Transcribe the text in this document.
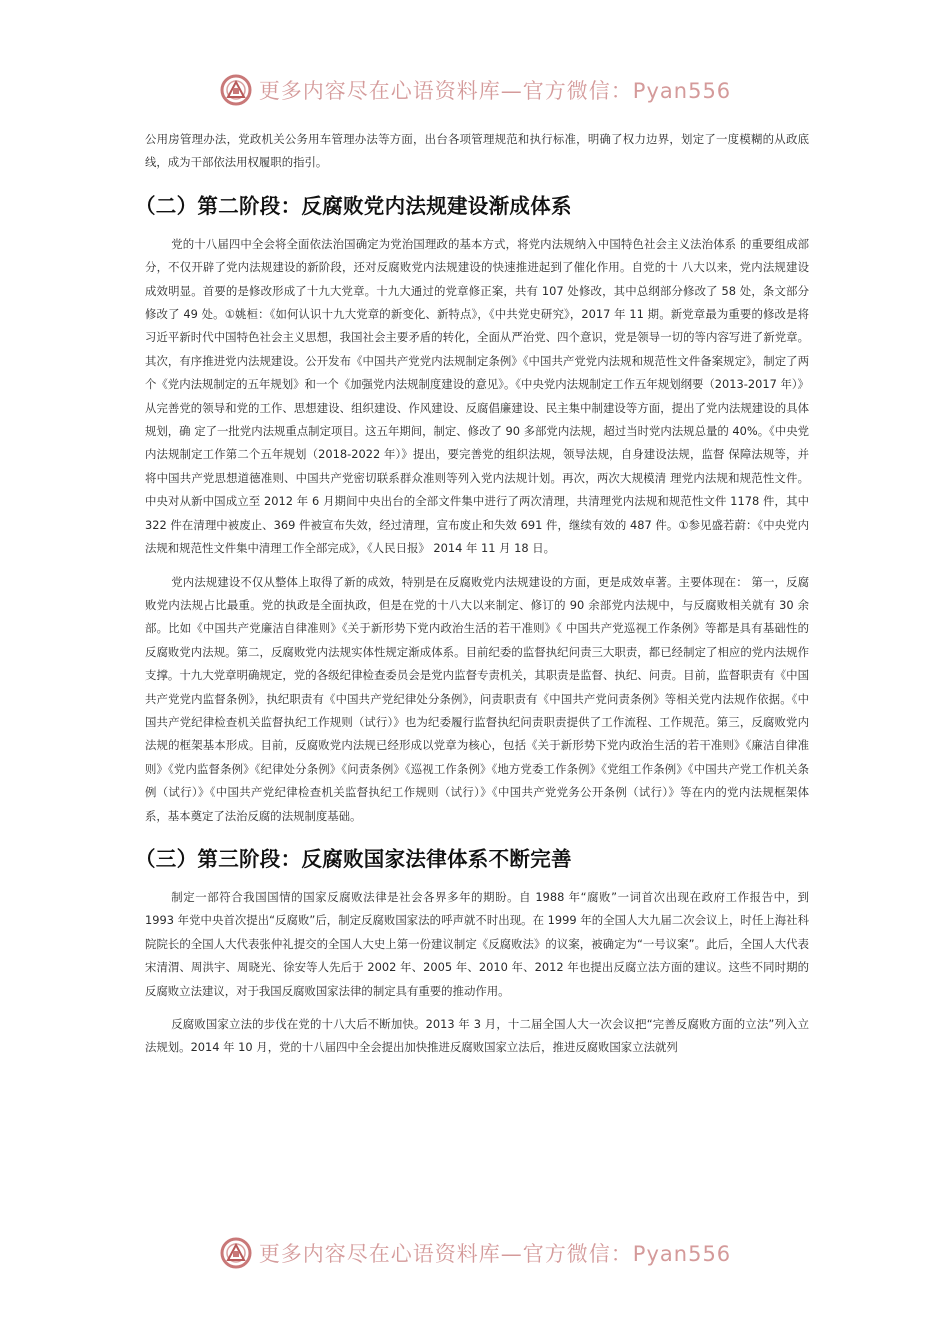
更多内容尽在心语资料库—官方微信：Pyan556

公用房管理办法，党政机关公务用车管理办法等方面，出台各项管理规范和执行标准，明确了权力边界，划定了一度模糊的从政底线，成为干部依法用权履职的指引。

（二）第二阶段：反腐败党内法规建设渐成体系

党的十八届四中全会将全面依法治国确定为党治国理政的基本方式，将党内法规纳入中国特色社会主义法治体系 的重要组成部分，不仅开辟了党内法规建设的新阶段，还对反腐败党内法规建设的快速推进起到了催化作用。自党的十 八大以来，党内法规建设成效明显。首要的是修改形成了十九大党章。十九大通过的党章修正案，共有 107 处修改，其中总纲部分修改了 58 处，条文部分修改了 49 处。①姚桓：《如何认识十九大党章的新变化、新特点》，《中共党史研究》，2017 年 11 期。新党章最为重要的修改是将习近平新时代中国特色社会主义思想，我国社会主要矛盾的转化，全面从严治党、四个意识，党是领导一切的等内容写进了新党章。其次，有序推进党内法规建设。公开发布《中国共产党党内法规制定条例》《中国共产党党内法规和规范性文件备案规定》，制定了两个《党内法规制定的五年规划》和一个《加强党内法规制度建设的意见》。《中央党内法规制定工作五年规划纲要（2013-2017 年）》从完善党的领导和党的工作、思想建设、组织建设、作风建设、反腐倡廉建设、民主集中制建设等方面，提出了党内法规建设的具体规划，确 定了一批党内法规重点制定项目。这五年期间，制定、修改了 90 多部党内法规，超过当时党内法规总量的 40%。《中央党内法规制定工作第二个五年规划（2018-2022 年）》提出，要完善党的组织法规，领导法规，自身建设法规，监督 保障法规等，并将中国共产党思想道德准则、中国共产党密切联系群众准则等列入党内法规计划。再次，两次大规模清 理党内法规和规范性文件。中央对从新中国成立至 2012 年 6 月期间中央出台的全部文件集中进行了两次清理，共清理党内法规和规范性文件 1178 件，其中 322 件在清理中被废止、369 件被宣布失效，经过清理，宣布废止和失效 691 件，继续有效的 487 件。①参见盛若蔚：《中央党内法规和规范性文件集中清理工作全部完成》，《人民日报》 2014 年 11 月 18 日。

党内法规建设不仅从整体上取得了新的成效，特别是在反腐败党内法规建设的方面，更是成效卓著。主要体现在： 第一，反腐败党内法规占比最重。党的执政是全面执政，但是在党的十八大以来制定、修订的 90 余部党内法规中，与反腐败相关就有 30 余部。比如《中国共产党廉洁自律准则》《关于新形势下党内政治生活的若干准则》《 中国共产党巡视工作条例》等都是具有基础性的反腐败党内法规。第二，反腐败党内法规实体性规定渐成体系。目前纪委的监督执纪问责三大职责，都已经制定了相应的党内法规作支撑。十九大党章明确规定，党的各级纪律检查委员会是党内监督专责机关，其职责是监督、执纪、问责。目前，监督职责有《中国共产党党内监督条例》，执纪职责有《中国共产党纪律处分条例》，问责职责有《中国共产党问责条例》等相关党内法规作依据。《中国共产党纪律检查机关监督执纪工作规则（试行）》也为纪委履行监督执纪问责职责提供了工作流程、工作规范。第三，反腐败党内法规的框架基本形成。目前，反腐败党内法规已经形成以党章为核心，包括《关于新形势下党内政治生活的若干准则》《廉洁自律准则》《党内监督条例》《纪律处分条例》《问责条例》《巡视工作条例》《地方党委工作条例》《党组工作条例》《中国共产党工作机关条例（试行）》《中国共产党纪律检查机关监督执纪工作规则（试行）》《中国共产党党务公开条例（试行）》等在内的党内法规框架体系，基本奠定了法治反腐的法规制度基础。

（三）第三阶段：反腐败国家法律体系不断完善

制定一部符合我国国情的国家反腐败法律是社会各界多年的期盼。自 1988 年“腐败”一词首次出现在政府工作报告中，到 1993 年党中央首次提出“反腐败”后，制定反腐败国家法的呼声就不时出现。在 1999 年的全国人大九届二次会议上，时任上海社科院院长的全国人大代表张仲礼提交的全国人大史上第一份建议制定《反腐败法》的议案，被确定为“一号议案”。此后，全国人大代表宋清渭、周洪宇、周晓光、徐安等人先后于 2002 年、2005 年、2010 年、2012 年也提出反腐立法方面的建议。这些不同时期的反腐败立法建议，对于我国反腐败国家法律的制定具有重要的推动作用。

反腐败国家立法的步伐在党的十八大后不断加快。2013 年 3 月，十二届全国人大一次会议把“完善反腐败方面的立法”列入立法规划。2014 年 10 月，党的十八届四中全会提出加快推进反腐败国家立法后，推进反腐败国家立法就列

更多内容尽在心语资料库—官方微信：Pyan556
